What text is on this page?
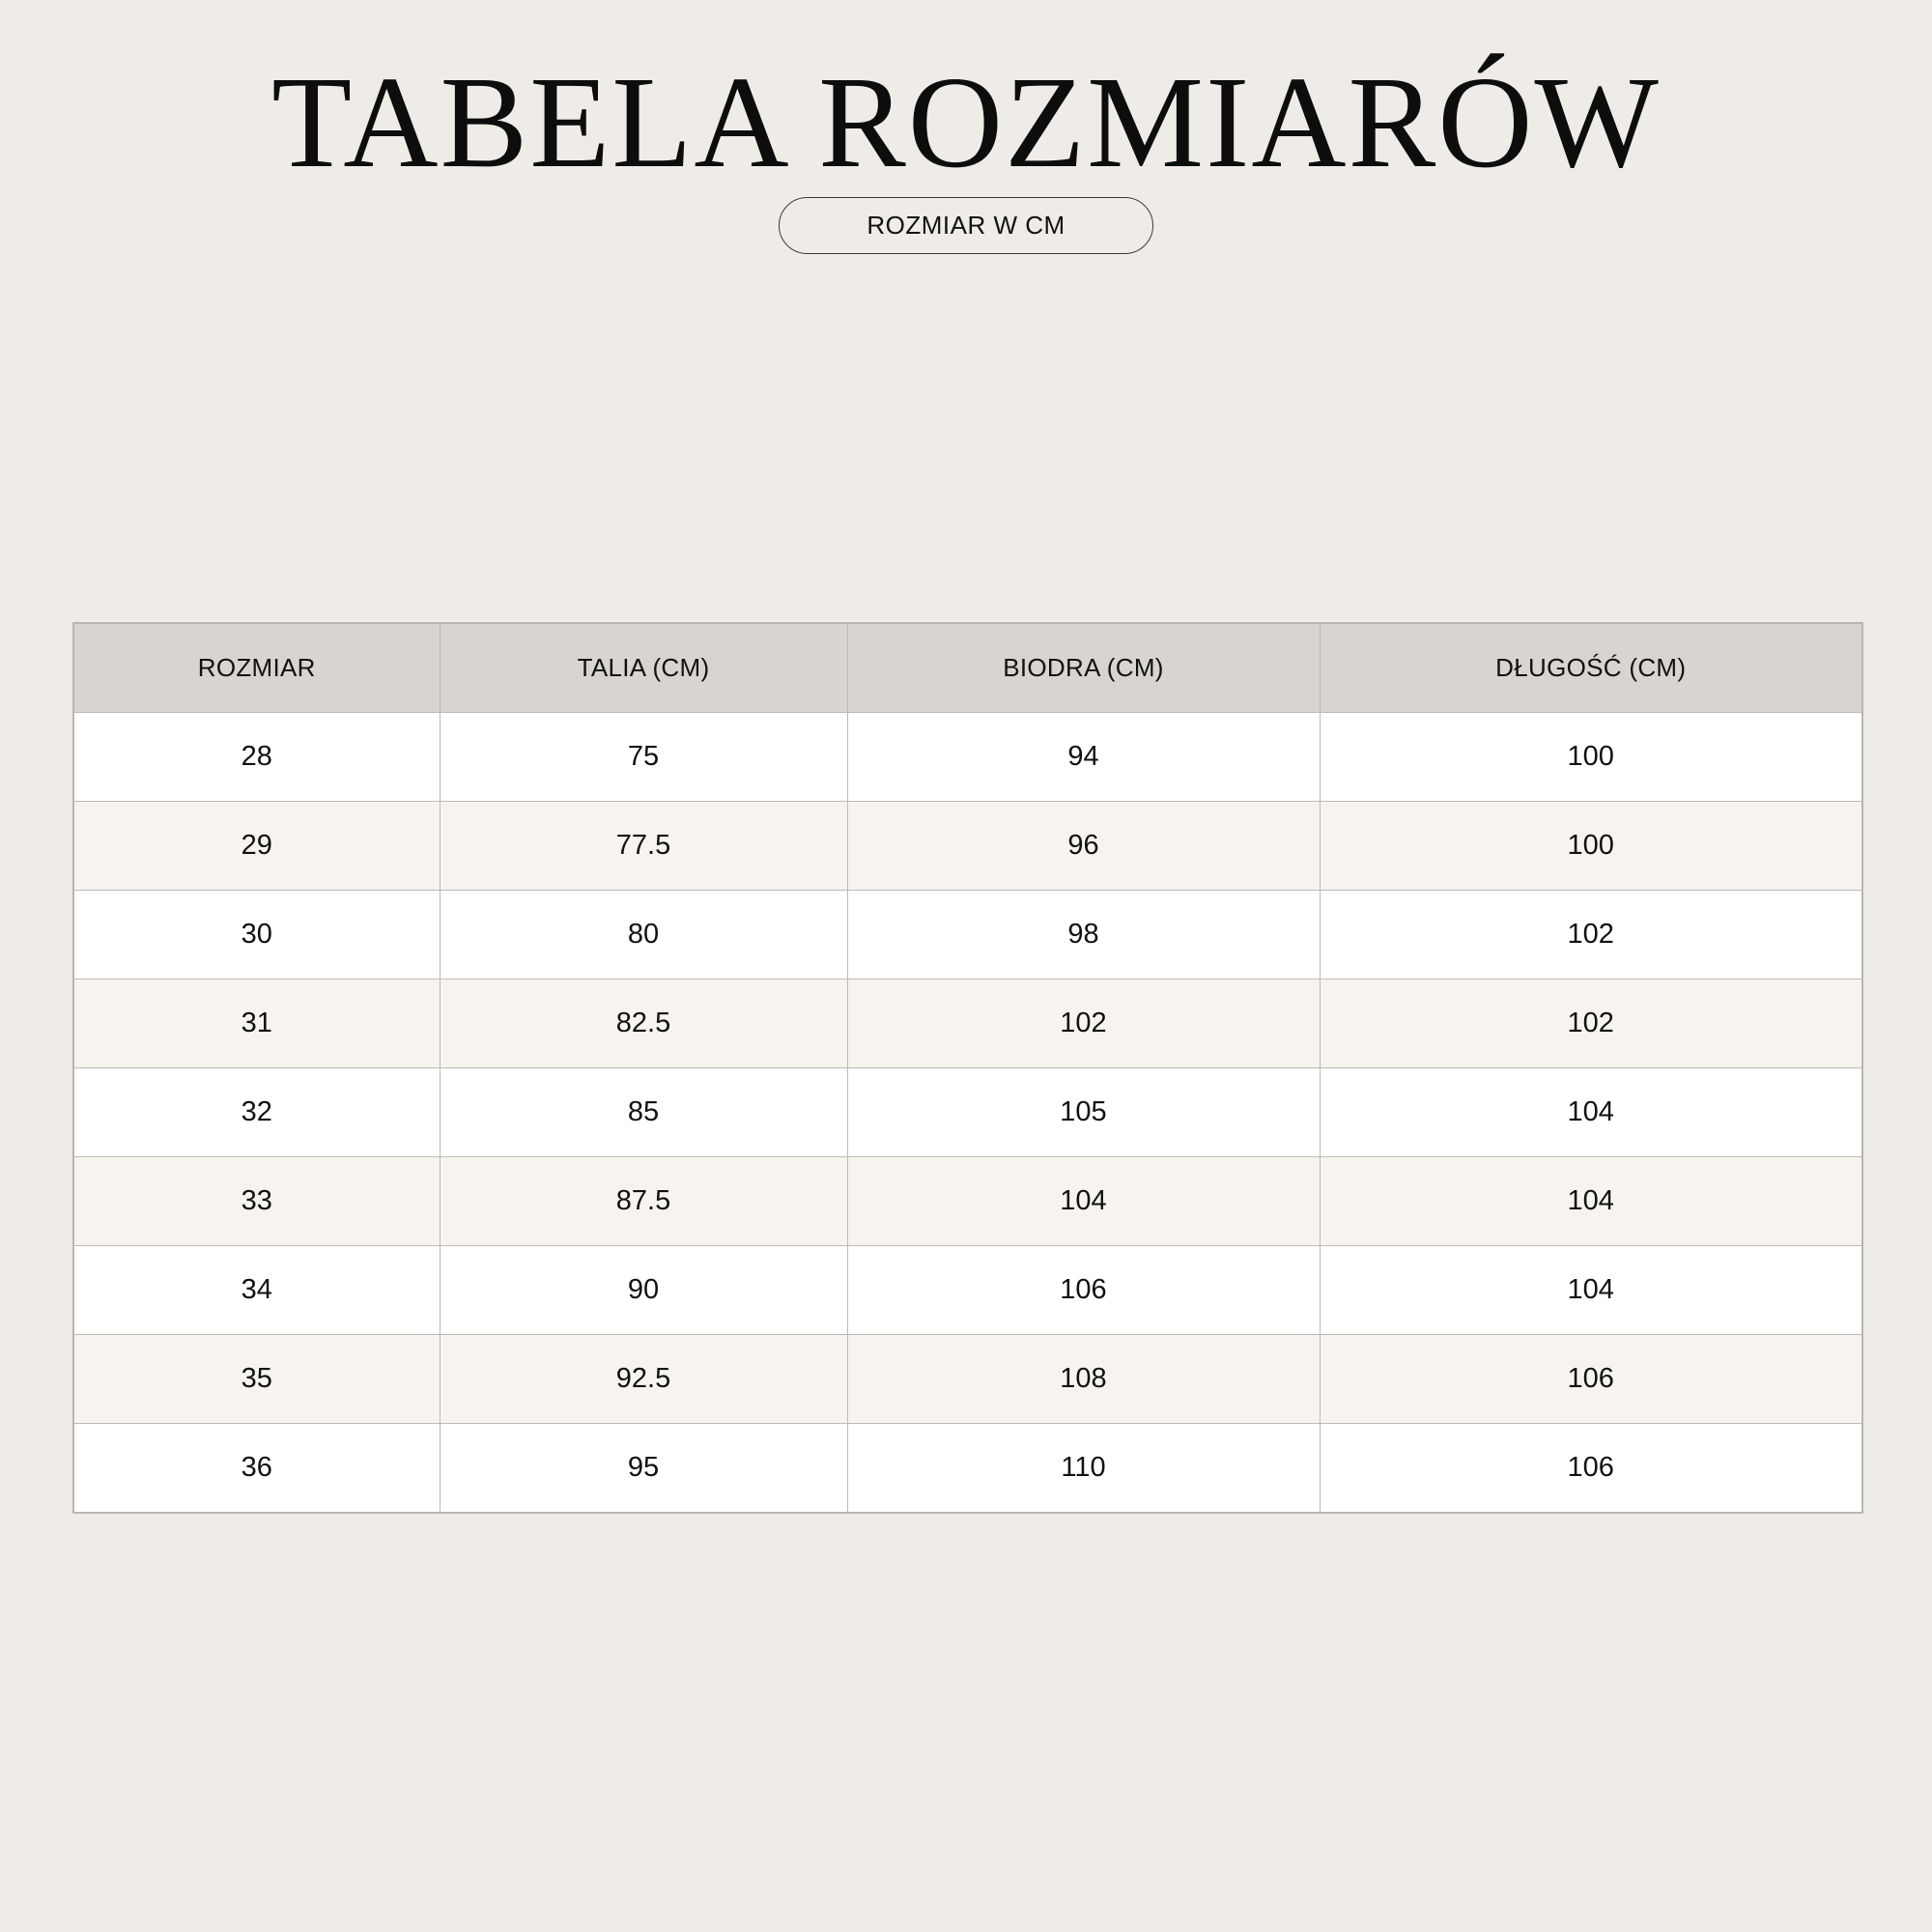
TABELA ROZMIARÓW
ROZMIAR W CM
ROZMIAR	TALIA (CM)	BIODRA (CM)	DŁUGOŚĆ (CM)
28	75	94	100
29	77.5	96	100
30	80	98	102
31	82.5	102	102
32	85	105	104
33	87.5	104	104
34	90	106	104
35	92.5	108	106
36	95	110	106
